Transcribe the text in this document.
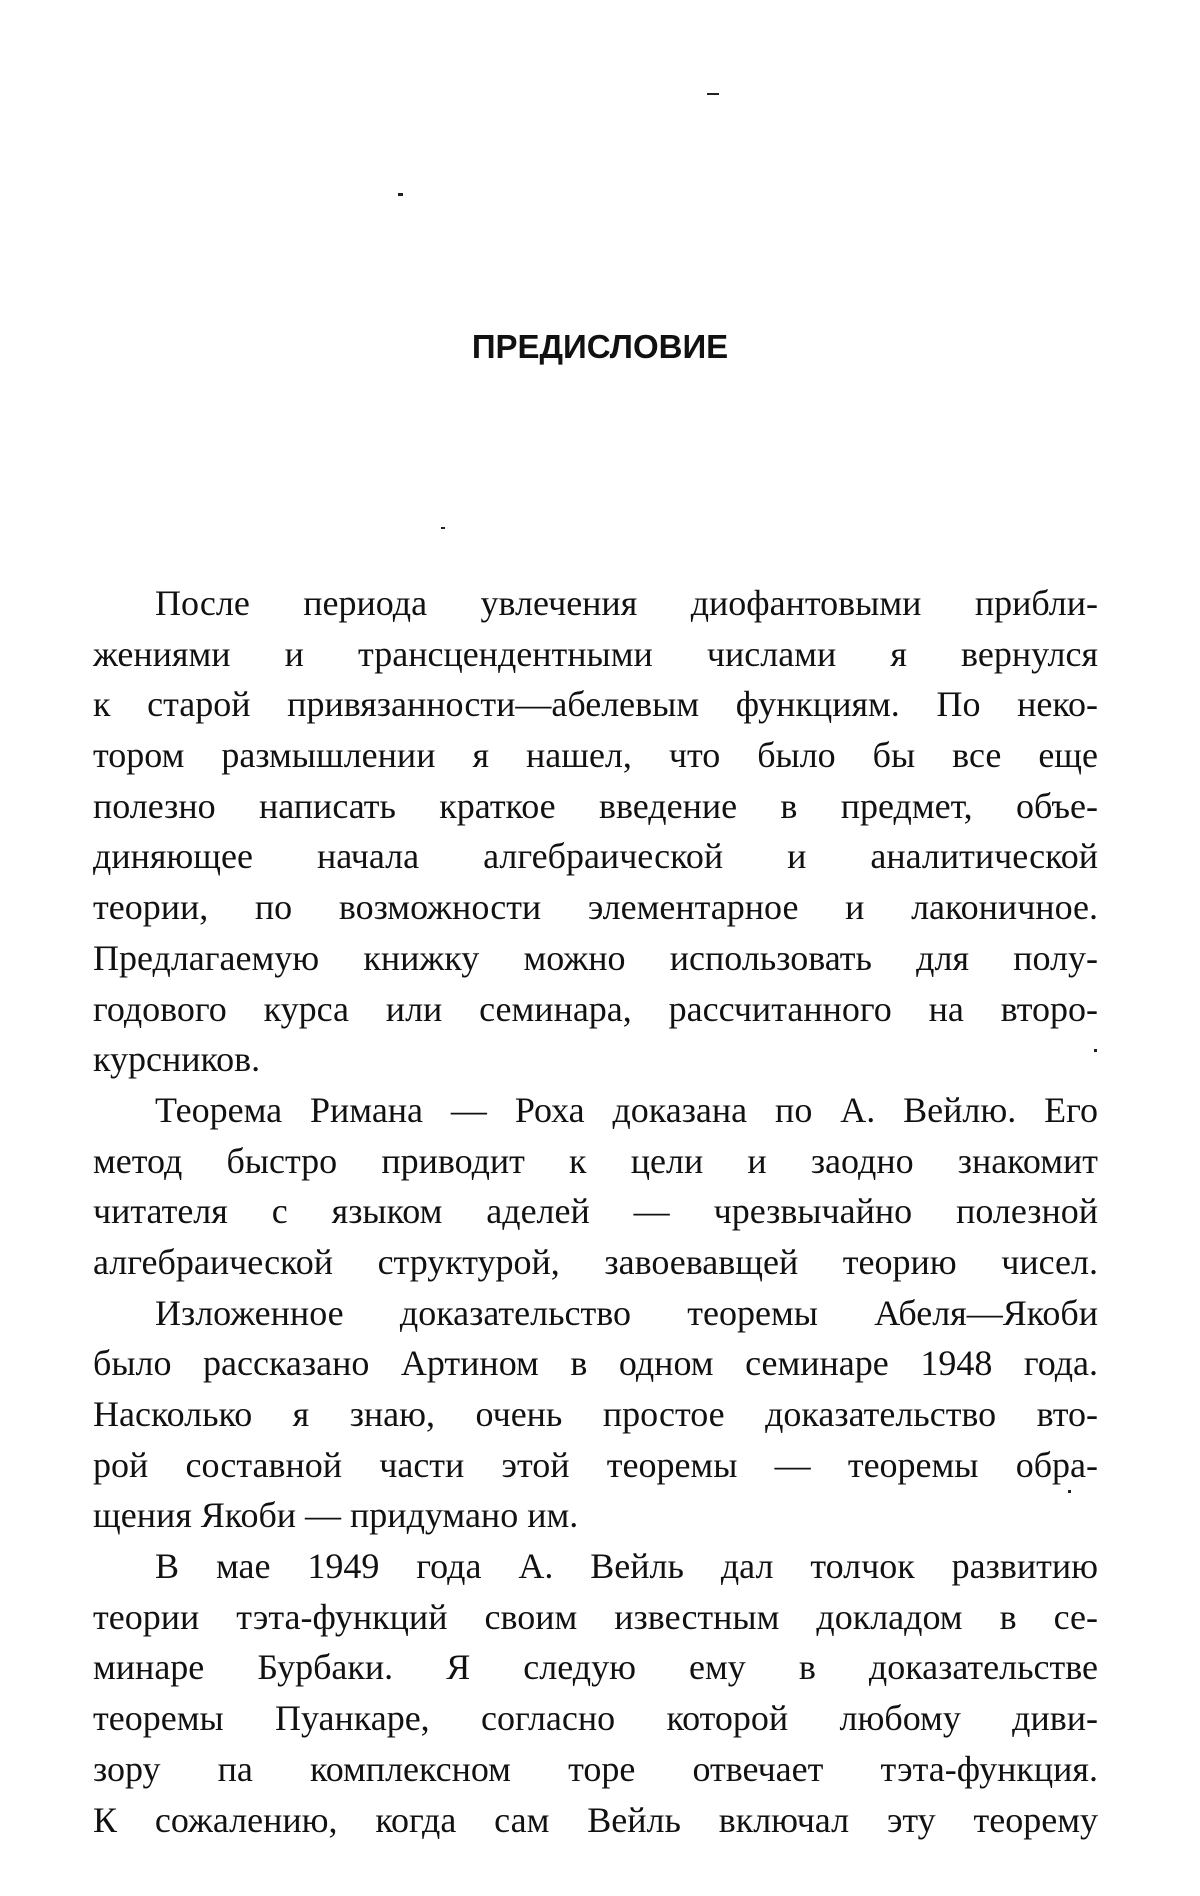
ПРЕДИСЛОВИЕ
После периода увлечения диофантовыми прибли-
жениями и трансцендентными числами я вернулся
к старой привязанности—абелевым функциям. По неко-
тором размышлении я нашел, что было бы все еще
полезно написать краткое введение в предмет, объе-
диняющее начала алгебраической и аналитической
теории, по возможности элементарное и лаконичное.
Предлагаемую книжку можно использовать для полу-
годового курса или семинара, рассчитанного на второ-
курсников.
Теорема Римана — Роха доказана по А. Вейлю. Его
метод быстро приводит к цели и заодно знакомит
читателя с языком аделей — чрезвычайно полезной
алгебраической структурой, завоевавщей теорию чисел.
Изложенное доказательство теоремы Абеля—Якоби
было рассказано Артином в одном семинаре 1948 года.
Насколько я знаю, очень простое доказательство вто-
рой составной части этой теоремы — теоремы обра-
щения Якоби — придумано им.
В мае 1949 года А. Вейль дал толчок развитию
теории тэта-функций своим известным докладом в се-
минаре Бурбаки. Я следую ему в доказательстве
теоремы Пуанкаре, согласно которой любому диви-
зору па комплексном торе отвечает тэта-функция.
К сожалению, когда сам Вейль включал эту теорему
